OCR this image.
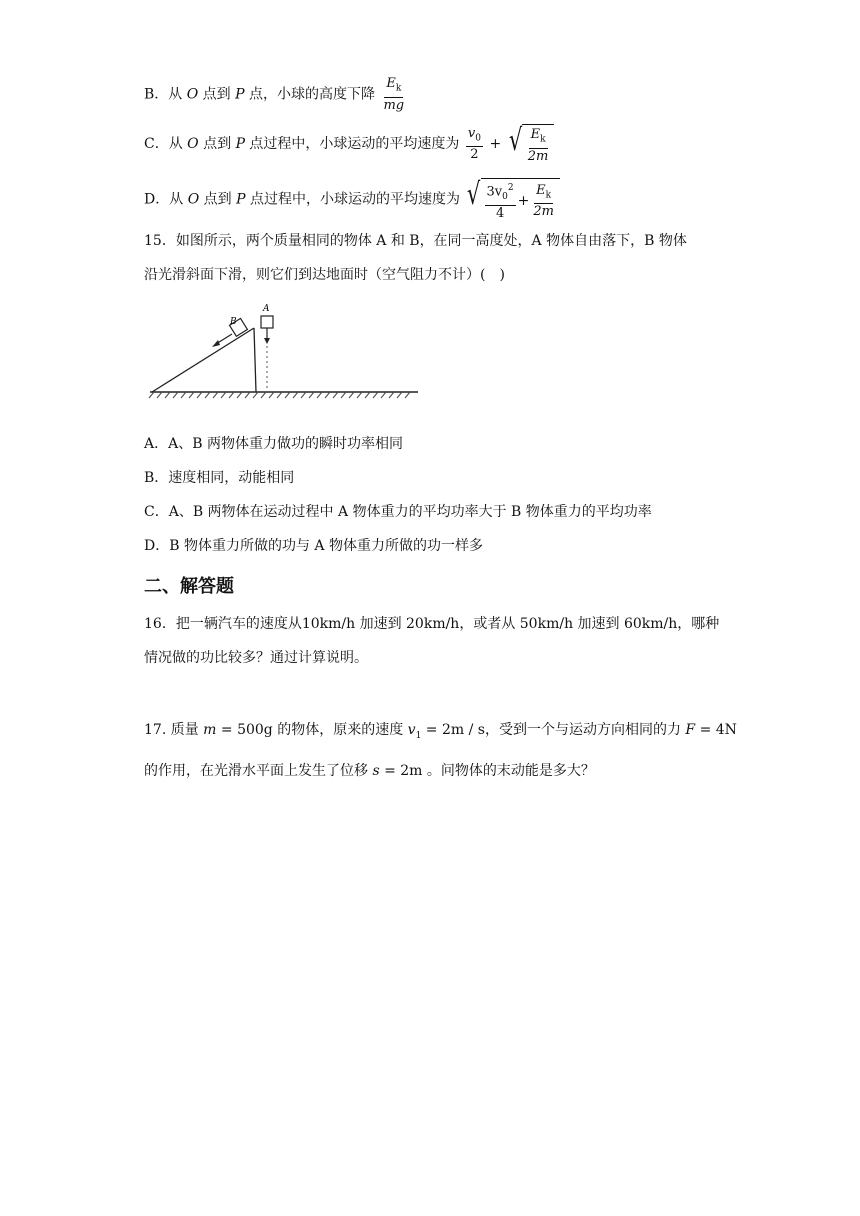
B．从 O 点到 P 点，小球的高度下降 $\frac{E_k}{mg}$
C．从 O 点到 P 点过程中，小球运动的平均速度为 $\frac{v_0}{2}$ + √ $\frac{E_k}{2m}$
D．从 O 点到 P 点过程中，小球运动的平均速度为 √ $\frac{3v_0^2}{4} + \frac{E_k}{2m}$
15．如图所示，两个质量相同的物体 A 和 B，在同一高度处，A 物体自由落下，B 物体
沿光滑斜面下滑，则它们到达地面时（空气阻力不计）(　)
B
A
A．A、B 两物体重力做功的瞬时功率相同
B．速度相同，动能相同
C．A、B 两物体在运动过程中 A 物体重力的平均功率大于 B 物体重力的平均功率
D．B 物体重力所做的功与 A 物体重力所做的功一样多
二、解答题
16．把一辆汽车的速度从10km/h 加速到 20km/h，或者从 50km/h 加速到 60km/h，哪种
情况做的功比较多？通过计算说明。
17. 质量 m = 500g 的物体，原来的速度 $v_1 = 2m / s$，受到一个与运动方向相同的力 F = 4N
的作用，在光滑水平面上发生了位移 s = 2m 。问物体的末动能是多大？
